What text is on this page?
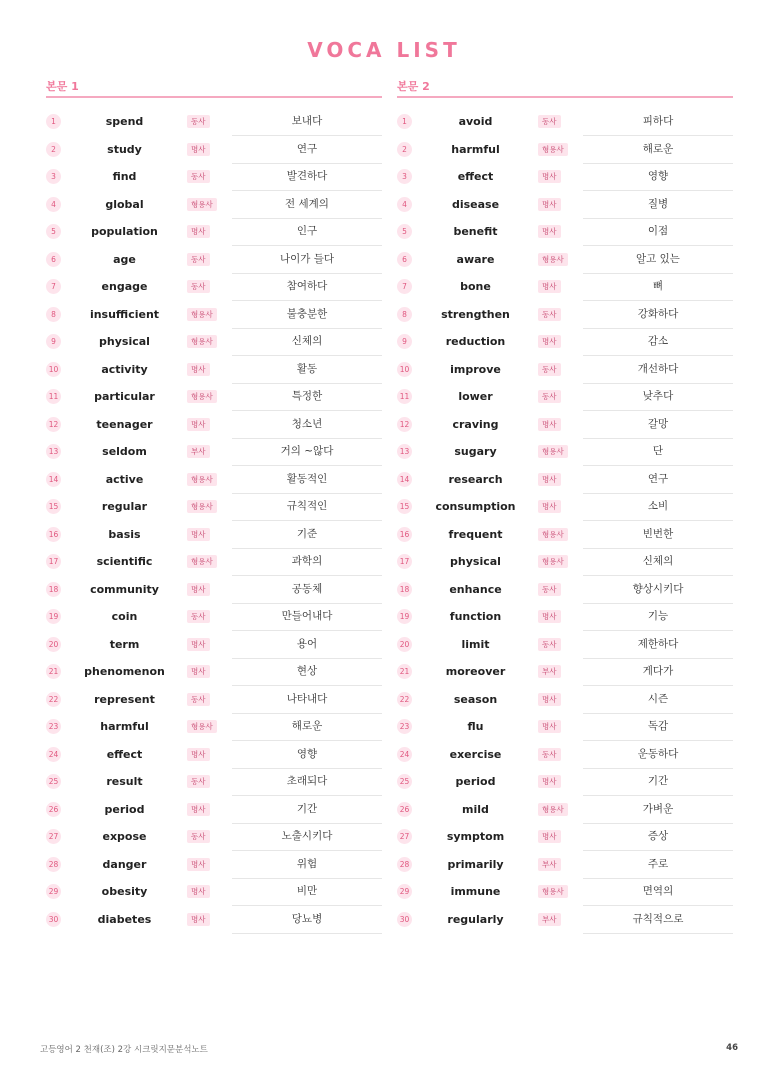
VOCA LIST
본문 1
1	spend	동사	보내다
2	study	명사	연구
3	find	동사	발견하다
4	global	형용사	전 세계의
5	population	명사	인구
6	age	동사	나이가 들다
7	engage	동사	참여하다
8	insufficient	형용사	불충분한
9	physical	형용사	신체의
10	activity	명사	활동
11	particular	형용사	특정한
12	teenager	명사	청소년
13	seldom	부사	거의 ~않다
14	active	형용사	활동적인
15	regular	형용사	규칙적인
16	basis	명사	기준
17	scientific	형용사	과학의
18	community	명사	공동체
19	coin	동사	만들어내다
20	term	명사	용어
21	phenomenon	명사	현상
22	represent	동사	나타내다
23	harmful	형용사	해로운
24	effect	명사	영향
25	result	동사	초래되다
26	period	명사	기간
27	expose	동사	노출시키다
28	danger	명사	위험
29	obesity	명사	비만
30	diabetes	명사	당뇨병
본문 2
1	avoid	동사	피하다
2	harmful	형용사	해로운
3	effect	명사	영향
4	disease	명사	질병
5	benefit	명사	이점
6	aware	형용사	알고 있는
7	bone	명사	뼈
8	strengthen	동사	강화하다
9	reduction	명사	감소
10	improve	동사	개선하다
11	lower	동사	낮추다
12	craving	명사	갈망
13	sugary	형용사	단
14	research	명사	연구
15	consumption	명사	소비
16	frequent	형용사	빈번한
17	physical	형용사	신체의
18	enhance	동사	향상시키다
19	function	명사	기능
20	limit	동사	제한하다
21	moreover	부사	게다가
22	season	명사	시즌
23	flu	명사	독감
24	exercise	동사	운동하다
25	period	명사	기간
26	mild	형용사	가벼운
27	symptom	명사	증상
28	primarily	부사	주로
29	immune	형용사	면역의
30	regularly	부사	규칙적으로
고등영어 2 천재(조) 2강 시크릿지문분석노트	46
